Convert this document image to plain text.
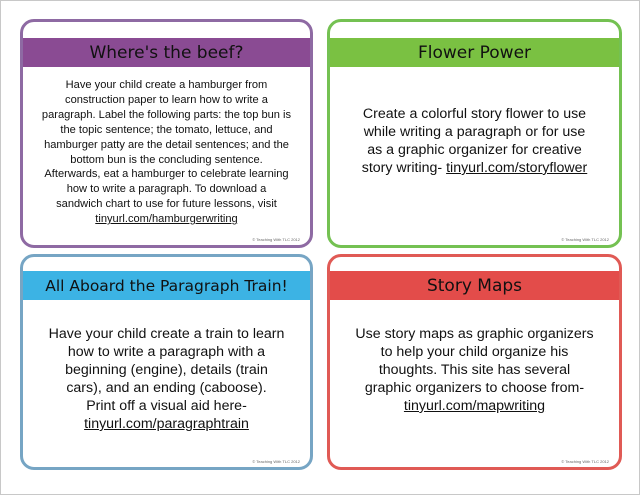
Where's the beef?
Have your child create a hamburger from
construction paper to learn how to write a
paragraph. Label the following parts: the top bun is
the topic sentence; the tomato, lettuce, and
hamburger patty are the detail sentences; and the
bottom bun is the concluding sentence.
Afterwards, eat a hamburger to celebrate learning
how to write a paragraph. To download a
sandwich chart to use for future lessons, visit
tinyurl.com/hamburgerwriting
© Teaching With TLC 2012
Flower Power
Create a colorful story flower to use
while writing a paragraph or for use
as a graphic organizer for creative
story writing- tinyurl.com/storyflower
© Teaching With TLC 2012
All Aboard the Paragraph Train!
Have your child create a train to learn
how to write a paragraph with a
beginning (engine), details (train
cars), and an ending (caboose).
Print off a visual aid here-
tinyurl.com/paragraphtrain
© Teaching With TLC 2012
Story Maps
Use story maps as graphic organizers
to help your child organize his
thoughts. This site has several
graphic organizers to choose from-
tinyurl.com/mapwriting
© Teaching With TLC 2012
